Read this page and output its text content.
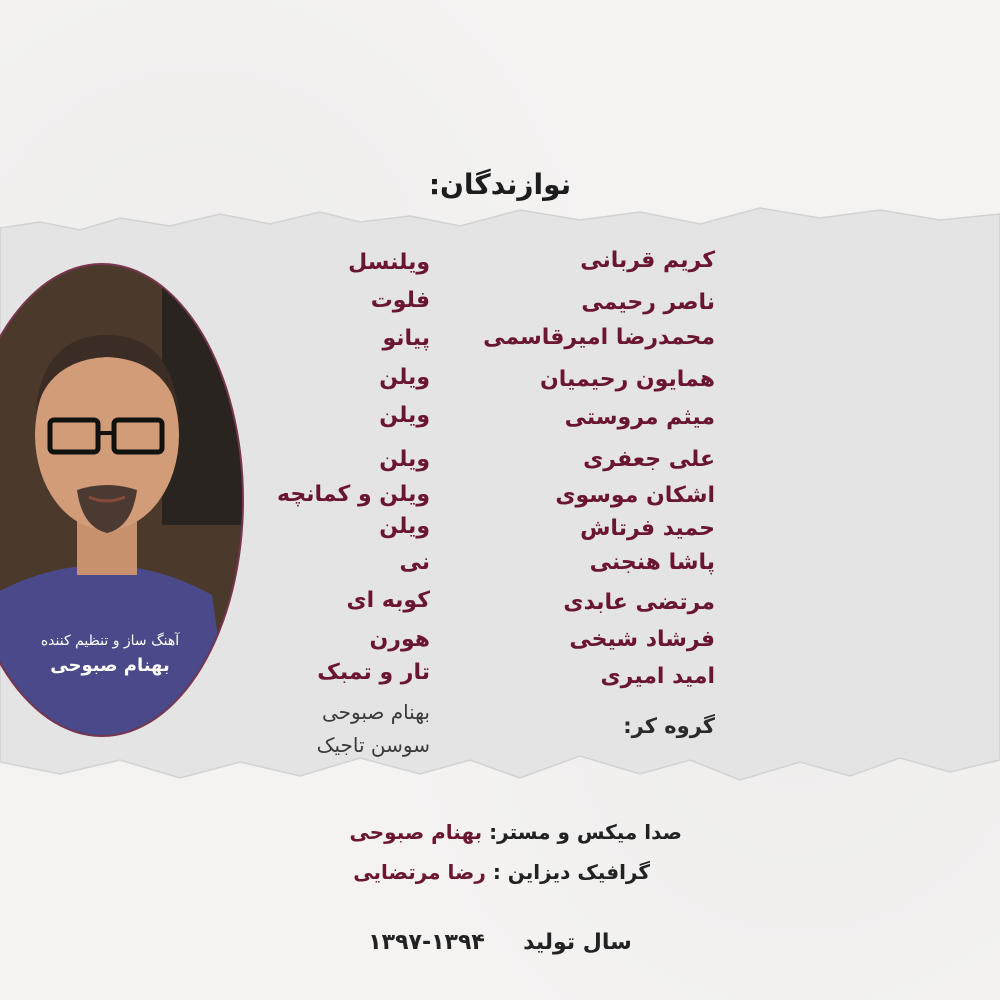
نوازندگان:
آهنگ ساز و تنظیم کننده
بهنام صبوحی
کریم قربانی
ناصر رحیمی
محمدرضا امیرقاسمی
همایون رحیمیان
میثم مروستی
علی جعفری
اشکان موسوی
حمید فرتاش
پاشا هنجنی
مرتضی عابدی
فرشاد شیخی
امید امیری
گروه کر:
ویلنسل
فلوت
پیانو
ویلن
ویلن
ویلن
ویلن و کمانچه
ویلن
نی
کوبه ای
هورن
تار و تمبک
بهنام صبوحی
سوسن تاجیک
صدا میکس و مستر: بهنام صبوحی
گرافیک دیزاین : رضا مرتضایی
سال تولید     ۱۳۹۴-۱۳۹۷
